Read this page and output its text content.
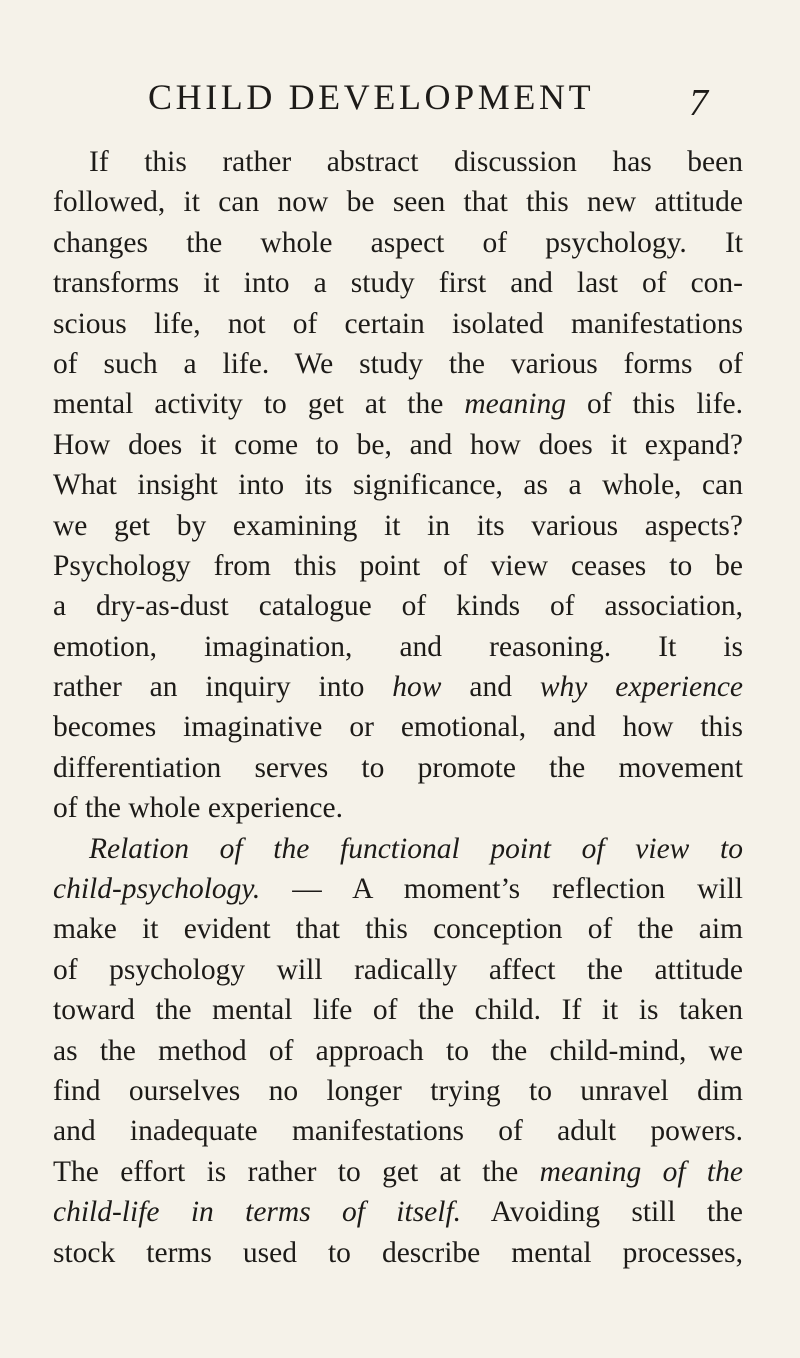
CHILD DEVELOPMENT 7
If this rather abstract discussion has been
followed, it can now be seen that this new attitude
changes the whole aspect of psychology. It
transforms it into a study first and last of con-
scious life, not of certain isolated manifestations
of such a life. We study the various forms of
mental activity to get at the meaning of this life.
How does it come to be, and how does it expand?
What insight into its significance, as a whole, can
we get by examining it in its various aspects?
Psychology from this point of view ceases to be
a dry-as-dust catalogue of kinds of association,
emotion, imagination, and reasoning. It is
rather an inquiry into how and why experience
becomes imaginative or emotional, and how this
differentiation serves to promote the movement
of the whole experience.
Relation of the functional point of view to
child-psychology. — A moment’s reflection will
make it evident that this conception of the aim
of psychology will radically affect the attitude
toward the mental life of the child. If it is taken
as the method of approach to the child-mind, we
find ourselves no longer trying to unravel dim
and inadequate manifestations of adult powers.
The effort is rather to get at the meaning of the
child-life in terms of itself. Avoiding still the
stock terms used to describe mental processes,
